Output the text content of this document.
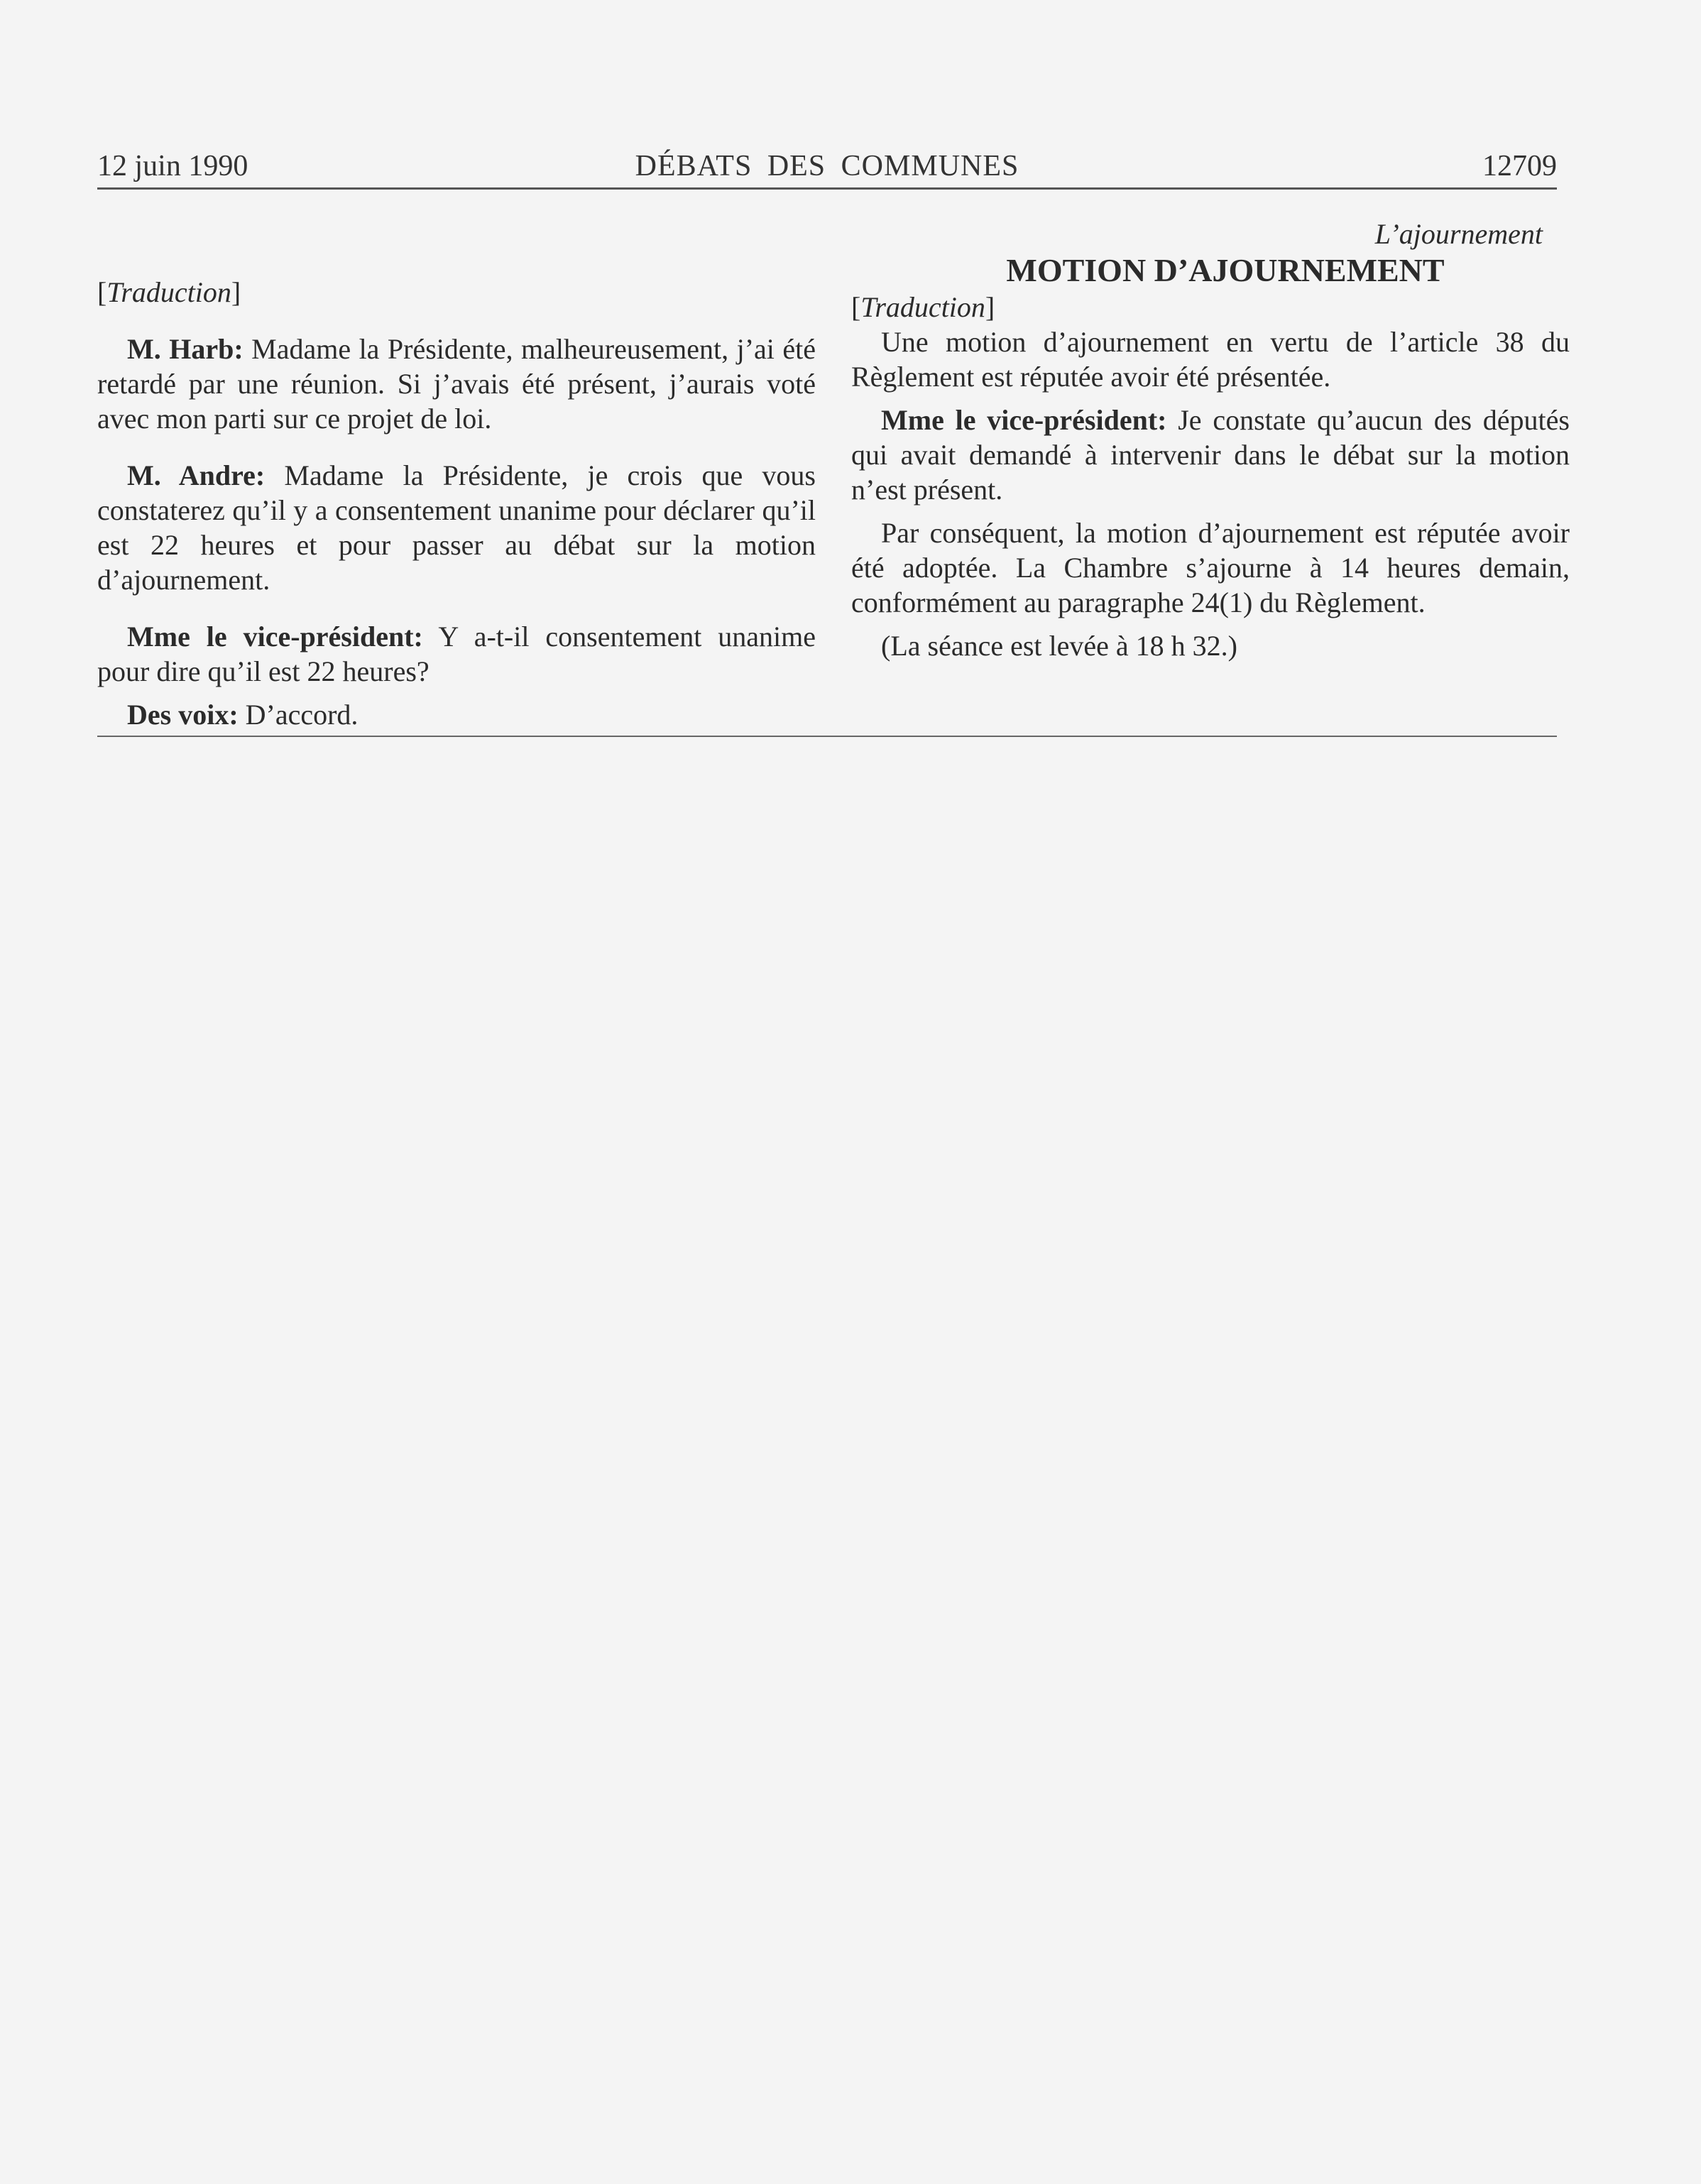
12 juin 1990	DÉBATS DES COMMUNES	12709

[Traduction]

M. Harb: Madame la Présidente, malheureusement, j’ai été retardé par une réunion. Si j’avais été présent, j’aurais voté avec mon parti sur ce projet de loi.

M. Andre: Madame la Présidente, je crois que vous constaterez qu’il y a consentement unanime pour déclarer qu’il est 22 heures et pour passer au débat sur la motion d’ajournement.

Mme le vice-président: Y a-t-il consentement unanime pour dire qu’il est 22 heures?

Des voix: D’accord.

L’ajournement

MOTION D’AJOURNEMENT

[Traduction]

Une motion d’ajournement en vertu de l’article 38 du Règlement est réputée avoir été présentée.

Mme le vice-président: Je constate qu’aucun des députés qui avait demandé à intervenir dans le débat sur la motion n’est présent.

Par conséquent, la motion d’ajournement est réputée avoir été adoptée. La Chambre s’ajourne à 14 heures demain, conformément au paragraphe 24(1) du Règlement.

(La séance est levée à 18 h 32.)
